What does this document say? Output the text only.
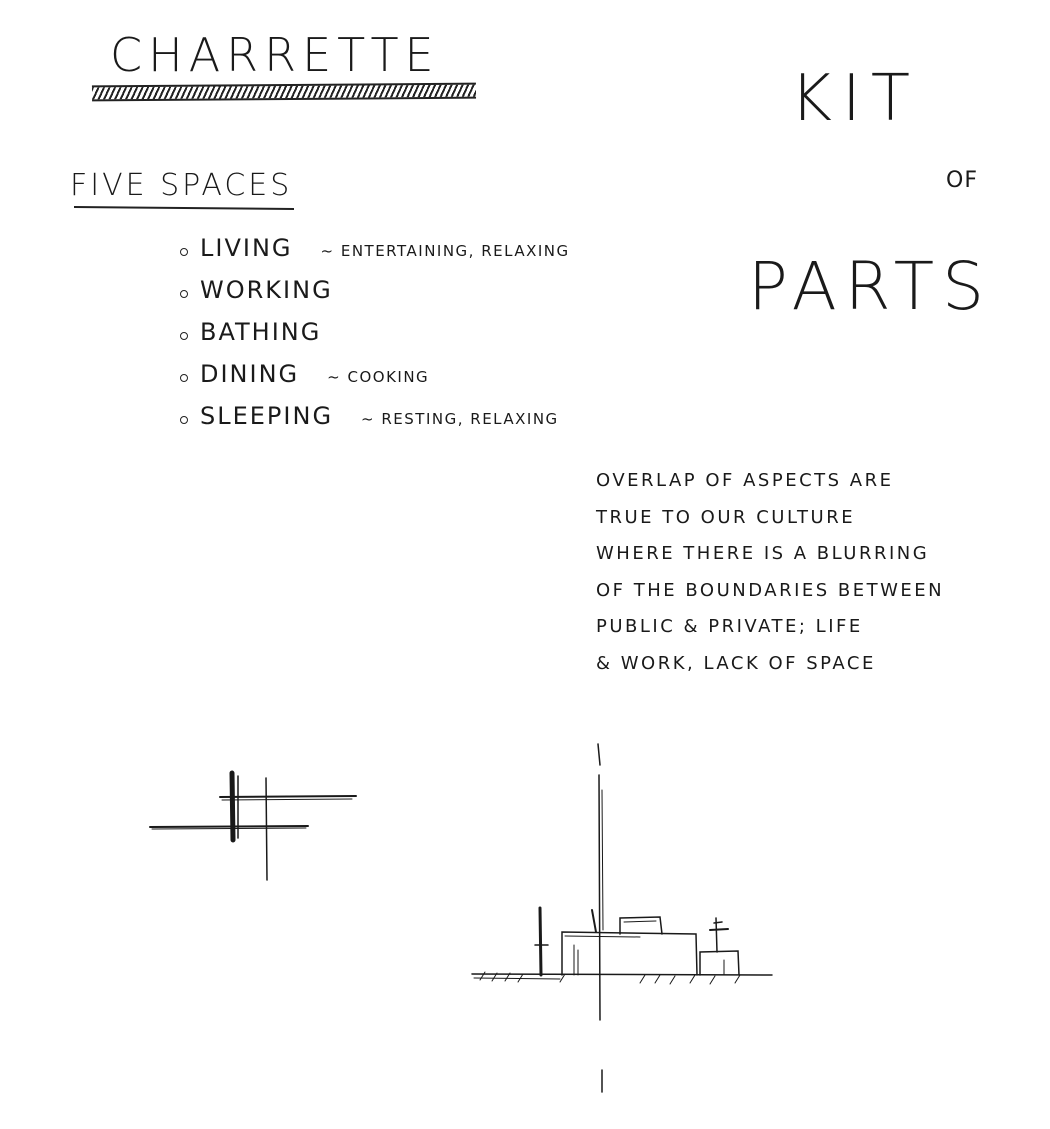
CHARRETTE
KIT
OF
PARTS
FIVE SPACES
LIVING ~ ENTERTAINING, RELAXING
WORKING
BATHING
DINING ~ COOKING
SLEEPING ~ RESTING, RELAXING
OVERLAP OF ASPECTS ARE
TRUE TO OUR CULTURE
WHERE THERE IS A BLURRING
OF THE BOUNDARIES BETWEEN
PUBLIC & PRIVATE; LIFE
& WORK, LACK OF SPACE
